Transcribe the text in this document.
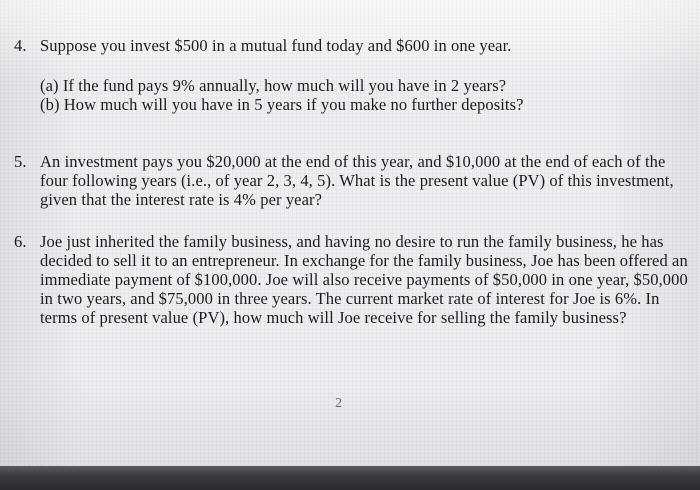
4. Suppose you invest $500 in a mutual fund today and $600 in one year.
(a) If the fund pays 9% annually, how much will you have in 2 years?
(b) How much will you have in 5 years if you make no further deposits?
5. An investment pays you $20,000 at the end of this year, and $10,000 at the end of each of the
four following years (i.e., of year 2, 3, 4, 5). What is the present value (PV) of this investment,
given that the interest rate is 4% per year?
6. Joe just inherited the family business, and having no desire to run the family business, he has
decided to sell it to an entrepreneur. In exchange for the family business, Joe has been offered an
immediate payment of $100,000. Joe will also receive payments of $50,000 in one year, $50,000
in two years, and $75,000 in three years. The current market rate of interest for Joe is 6%. In
terms of present value (PV), how much will Joe receive for selling the family business?
2
